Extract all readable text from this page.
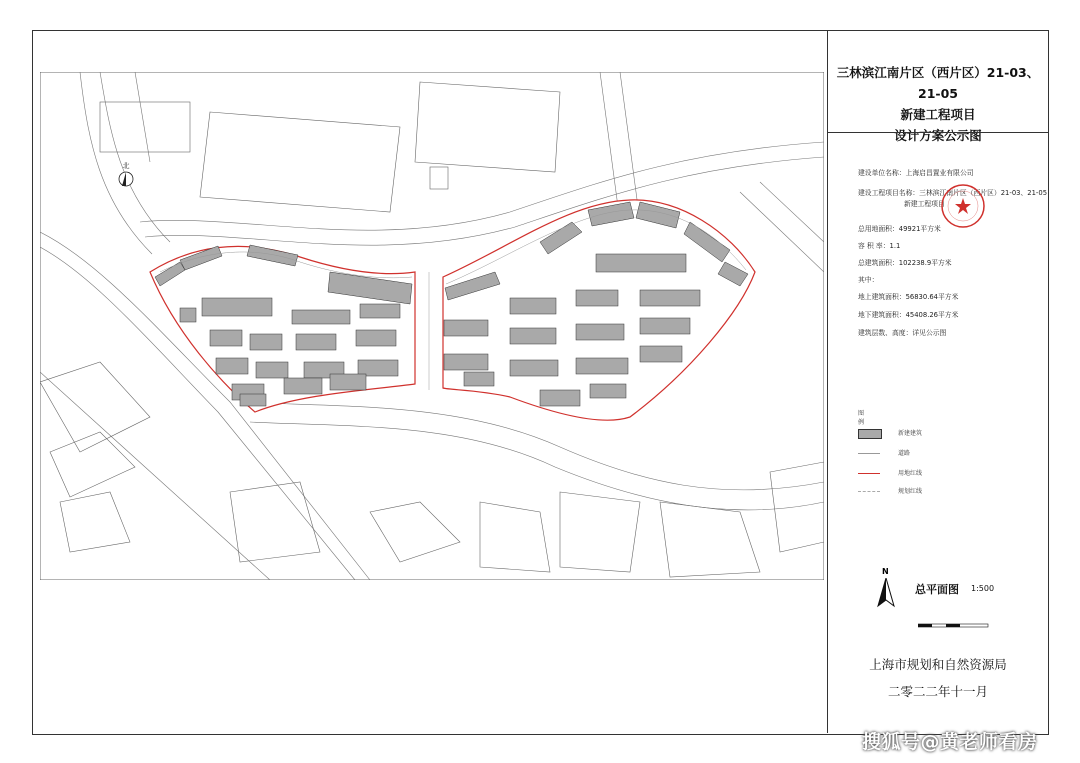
北
三林滨江南片区（西片区）21-03、21-05
新建工程项目
设计方案公示图
建设单位名称：上海启昌置业有限公司
建设工程项目名称：三林滨江南片区（西片区）21-03、21-05
新建工程项目
总用地面积：49921平方米
容 积 率：1.1
总建筑面积：102238.9平方米
其中：
地上建筑面积：56830.64平方米
地下建筑面积：45408.26平方米
建筑层数、高度：详见公示图
图例
新建建筑
道路
用地红线
规划红线
N
总平面图 1:500
上海市规划和自然资源局
二零二二年十一月
搜狐号@黄老师看房
